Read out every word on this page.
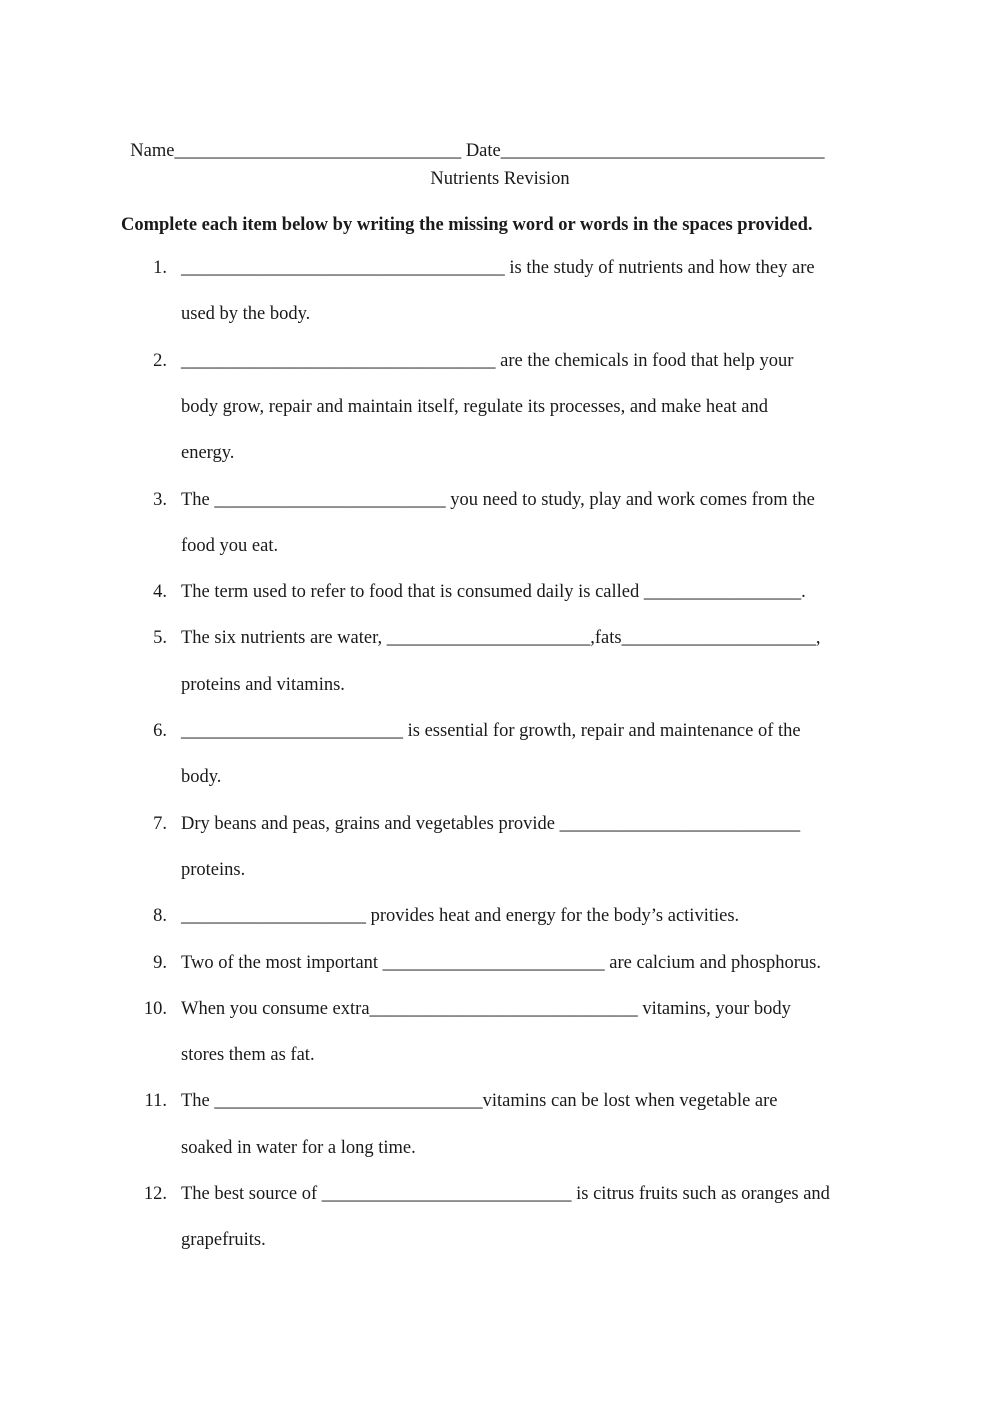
Name_______________________________ Date___________________________________

Nutrients Revision
Complete each item below by writing the missing word or words in the spaces provided.
1. ___________________________________ is the study of nutrients and how they are
used by the body.
2. __________________________________ are the chemicals in food that help your
body grow, repair and maintain itself, regulate its processes, and make heat and
energy.
3. The _________________________ you need to study, play and work comes from the
food you eat.
4. The term used to refer to food that is consumed daily is called _________________.
5. The six nutrients are water, ______________________,fats_____________________,
proteins and vitamins.
6. ________________________ is essential for growth, repair and maintenance of the
body.
7. Dry beans and peas, grains and vegetables provide __________________________
proteins.
8. ____________________ provides heat and energy for the body’s activities.
9. Two of the most important ________________________ are calcium and phosphorus.
10. When you consume extra_____________________________ vitamins, your body
stores them as fat.
11. The _____________________________vitamins can be lost when vegetable are
soaked in water for a long time.
12. The best source of ___________________________ is citrus fruits such as oranges and
grapefruits.
